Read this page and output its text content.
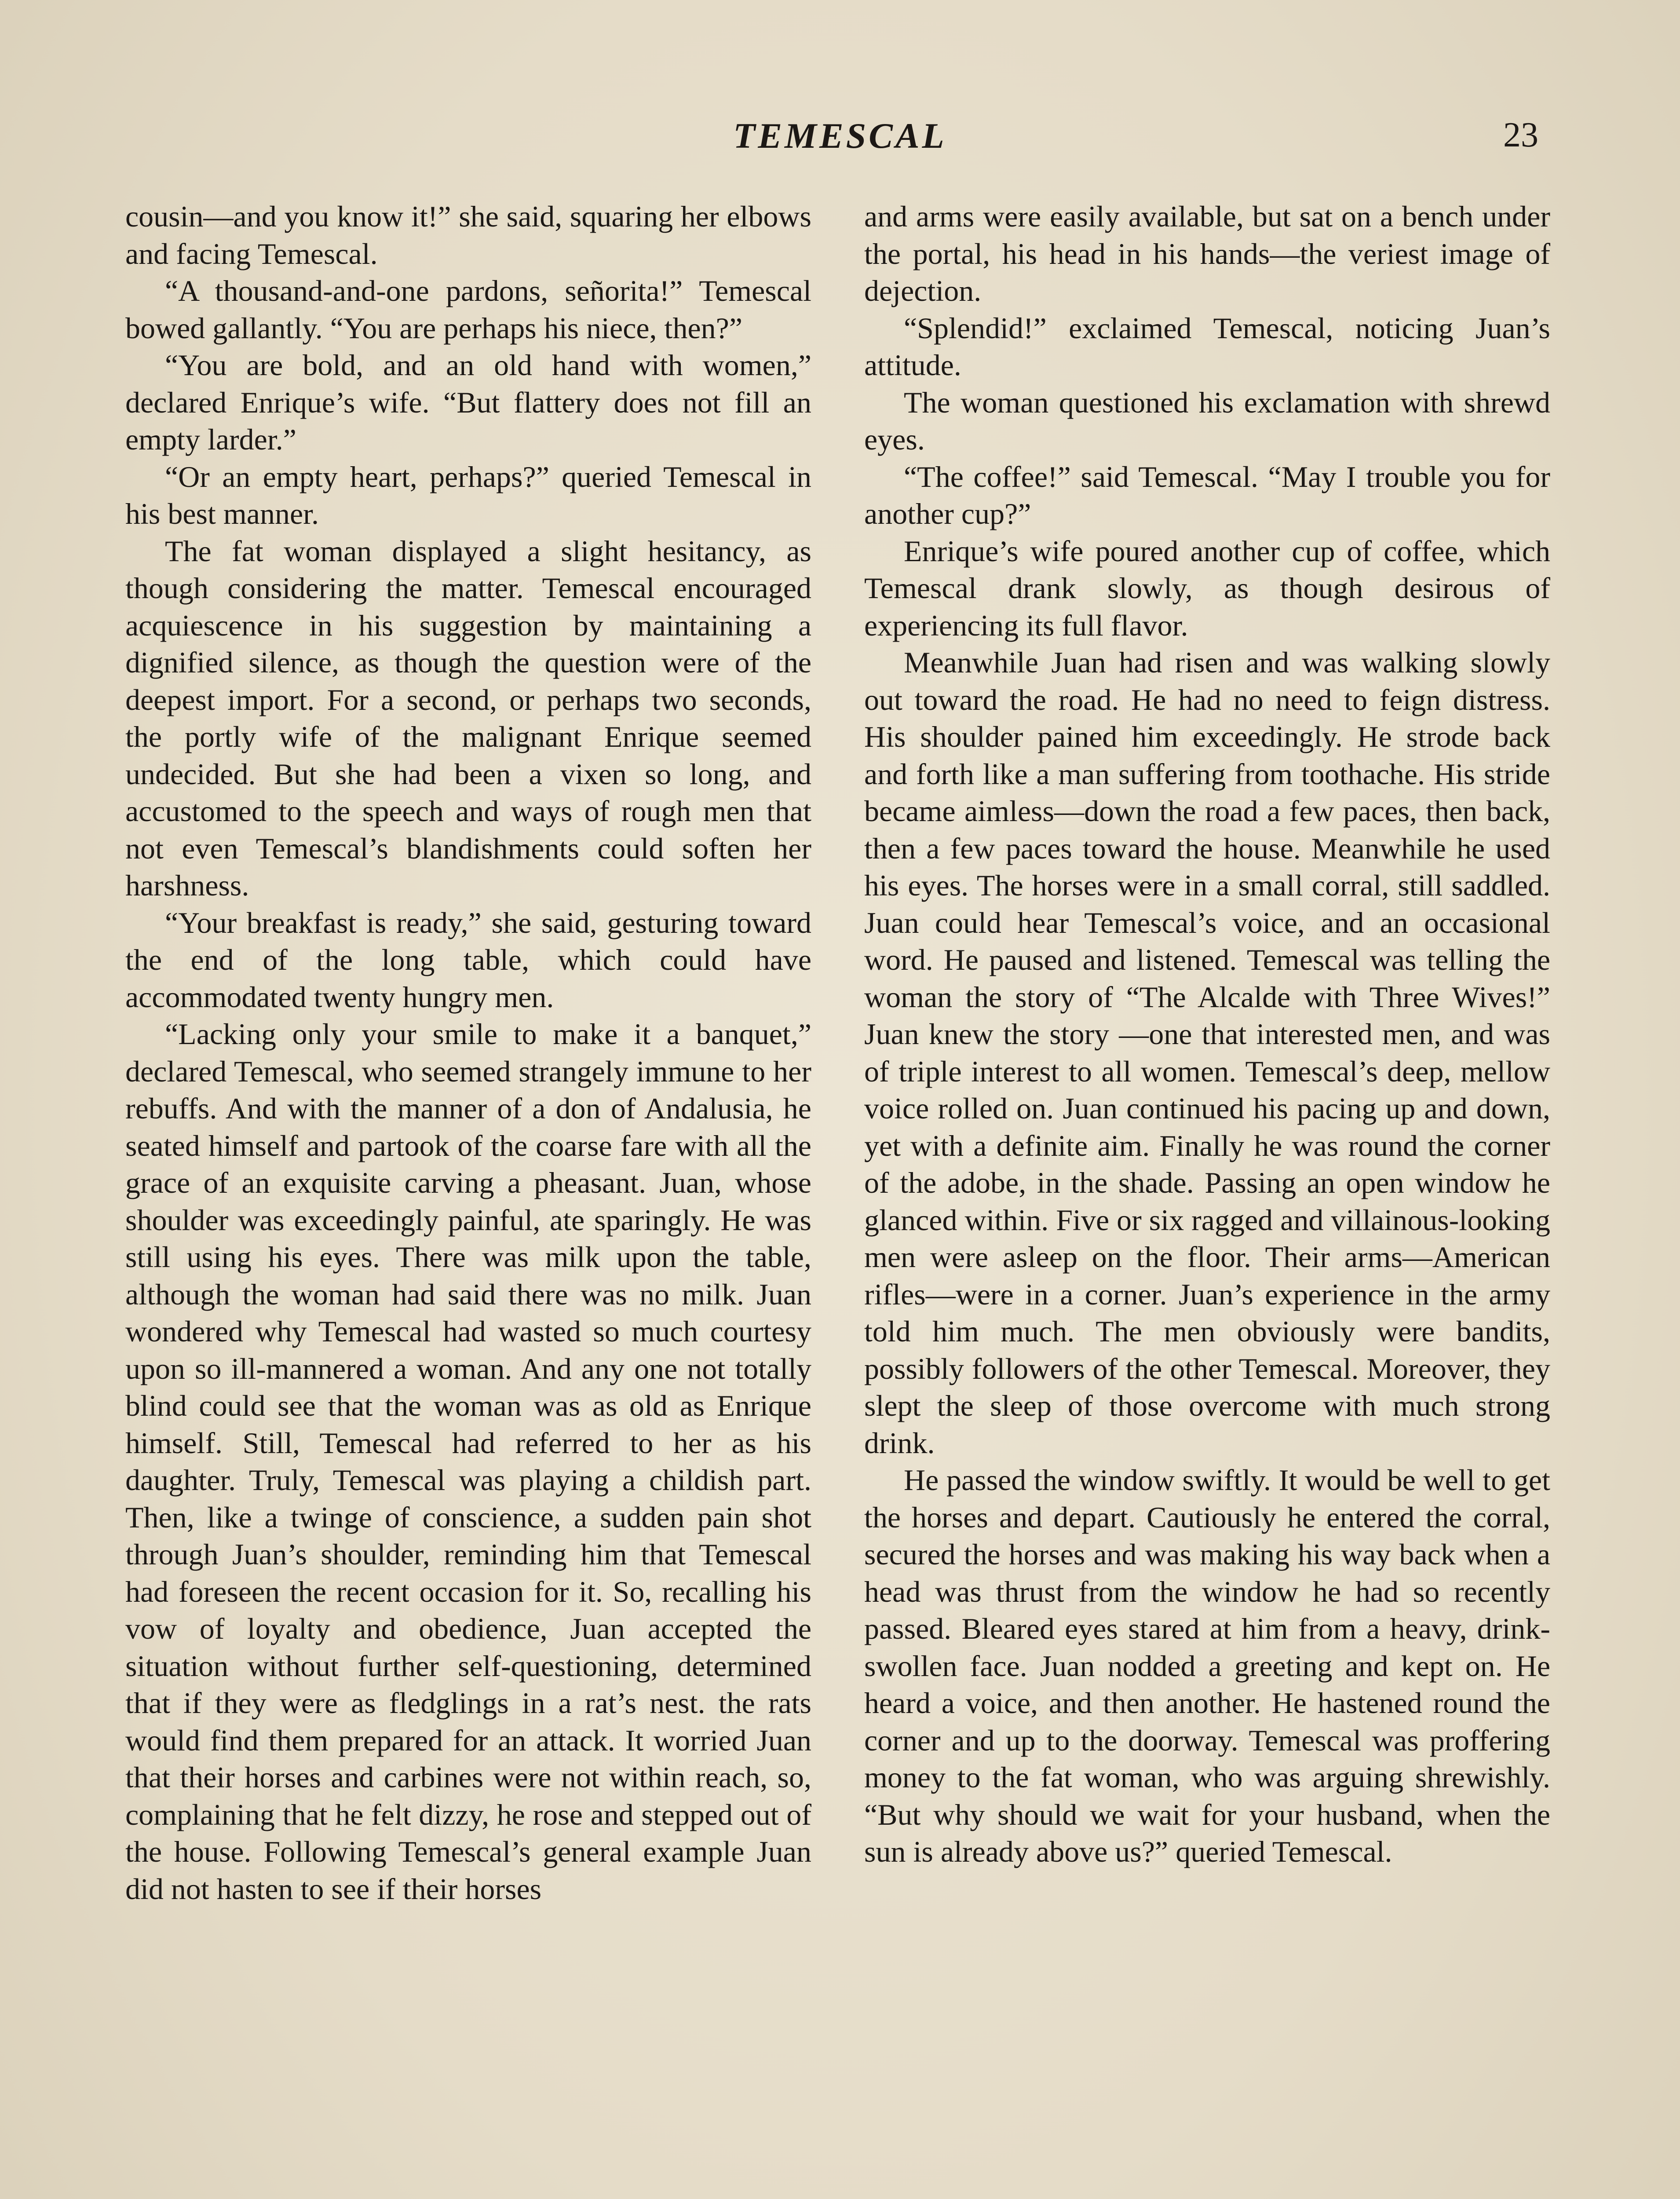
TEMESCAL	23

cousin—and you know it!” she said, squaring her elbows and facing Temescal.

“A thousand-and-one pardons, señorita!” Temescal bowed gallantly. “You are perhaps his niece, then?”

“You are bold, and an old hand with women,” declared Enrique’s wife. “But flattery does not fill an empty larder.”

“Or an empty heart, perhaps?” queried Temescal in his best manner.

The fat woman displayed a slight hesitancy, as though considering the matter. Temescal encouraged acquiescence in his suggestion by maintaining a dignified silence, as though the question were of the deepest import. For a second, or perhaps two seconds, the portly wife of the malignant Enrique seemed undecided. But she had been a vixen so long, and accustomed to the speech and ways of rough men that not even Temescal’s blandishments could soften her harshness.

“Your breakfast is ready,” she said, gesturing toward the end of the long table, which could have accommodated twenty hungry men.

“Lacking only your smile to make it a banquet,” declared Temescal, who seemed strangely immune to her rebuffs. And with the manner of a don of Andalusia, he seated himself and partook of the coarse fare with all the grace of an exquisite carving a pheasant. Juan, whose shoulder was exceedingly painful, ate sparingly. He was still using his eyes. There was milk upon the table, although the woman had said there was no milk. Juan wondered why Temescal had wasted so much courtesy upon so ill-mannered a woman. And any one not totally blind could see that the woman was as old as Enrique himself. Still, Temescal had referred to her as his daughter. Truly, Temescal was playing a childish part. Then, like a twinge of conscience, a sudden pain shot through Juan’s shoulder, reminding him that Temescal had foreseen the recent occasion for it. So, recalling his vow of loyalty and obedience, Juan accepted the situation without further self-questioning, determined that if they were as fledglings in a rat’s nest. the rats would find them prepared for an attack. It worried Juan that their horses and carbines were not within reach, so, complaining that he felt dizzy, he rose and stepped out of the house. Following Temescal’s general example Juan did not hasten to see if their horses

and arms were easily available, but sat on a bench under the portal, his head in his hands—the veriest image of dejection.

“Splendid!” exclaimed Temescal, noticing Juan’s attitude.

The woman questioned his exclamation with shrewd eyes.

“The coffee!” said Temescal. “May I trouble you for another cup?”

Enrique’s wife poured another cup of coffee, which Temescal drank slowly, as though desirous of experiencing its full flavor.

Meanwhile Juan had risen and was walking slowly out toward the road. He had no need to feign distress. His shoulder pained him exceedingly. He strode back and forth like a man suffering from toothache. His stride became aimless—down the road a few paces, then back, then a few paces toward the house. Meanwhile he used his eyes. The horses were in a small corral, still saddled. Juan could hear Temescal’s voice, and an occasional word. He paused and listened. Temescal was telling the woman the story of “The Alcalde with Three Wives!” Juan knew the story —one that interested men, and was of triple interest to all women. Temescal’s deep, mellow voice rolled on. Juan continued his pacing up and down, yet with a definite aim. Finally he was round the corner of the adobe, in the shade. Passing an open window he glanced within. Five or six ragged and villainous-looking men were asleep on the floor. Their arms—American rifles—were in a corner. Juan’s experience in the army told him much. The men obviously were bandits, possibly followers of the other Temescal. Moreover, they slept the sleep of those overcome with much strong drink.

He passed the window swiftly. It would be well to get the horses and depart. Cautiously he entered the corral, secured the horses and was making his way back when a head was thrust from the window he had so recently passed. Bleared eyes stared at him from a heavy, drink-swollen face. Juan nodded a greeting and kept on. He heard a voice, and then another. He hastened round the corner and up to the doorway. Temescal was proffering money to the fat woman, who was arguing shrewishly. “But why should we wait for your husband, when the sun is already above us?” queried Temescal.
